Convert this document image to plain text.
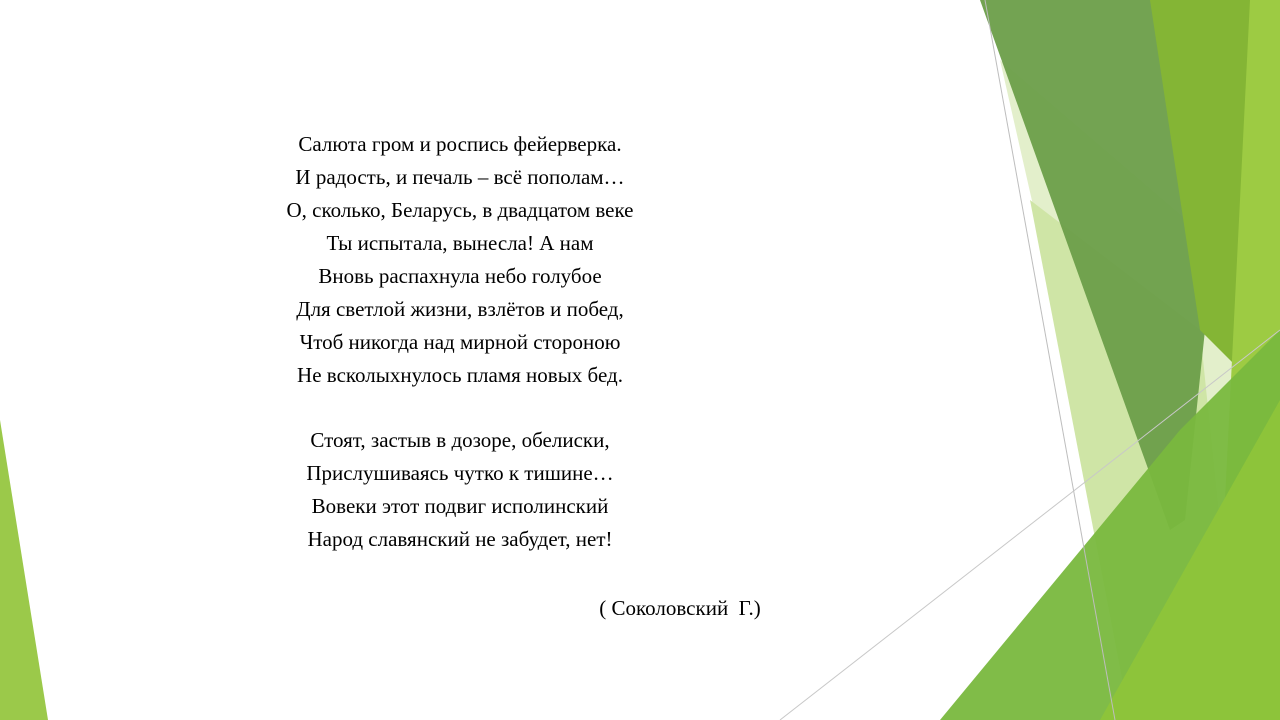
Салюта гром и роспись фейерверка.
И радость, и печаль – всё пополам…
О, сколько, Беларусь, в двадцатом веке
Ты испытала, вынесла! А нам
Вновь распахнула небо голубое
Для светлой жизни, взлётов и побед,
Чтоб никогда над мирной стороною
Не всколыхнулось пламя новых бед.
Стоят, застыв в дозоре, обелиски,
Прислушиваясь чутко к тишине…
Вовеки этот подвиг исполинский
Народ славянский не забудет, нет!
( Соколовский  Г.)
